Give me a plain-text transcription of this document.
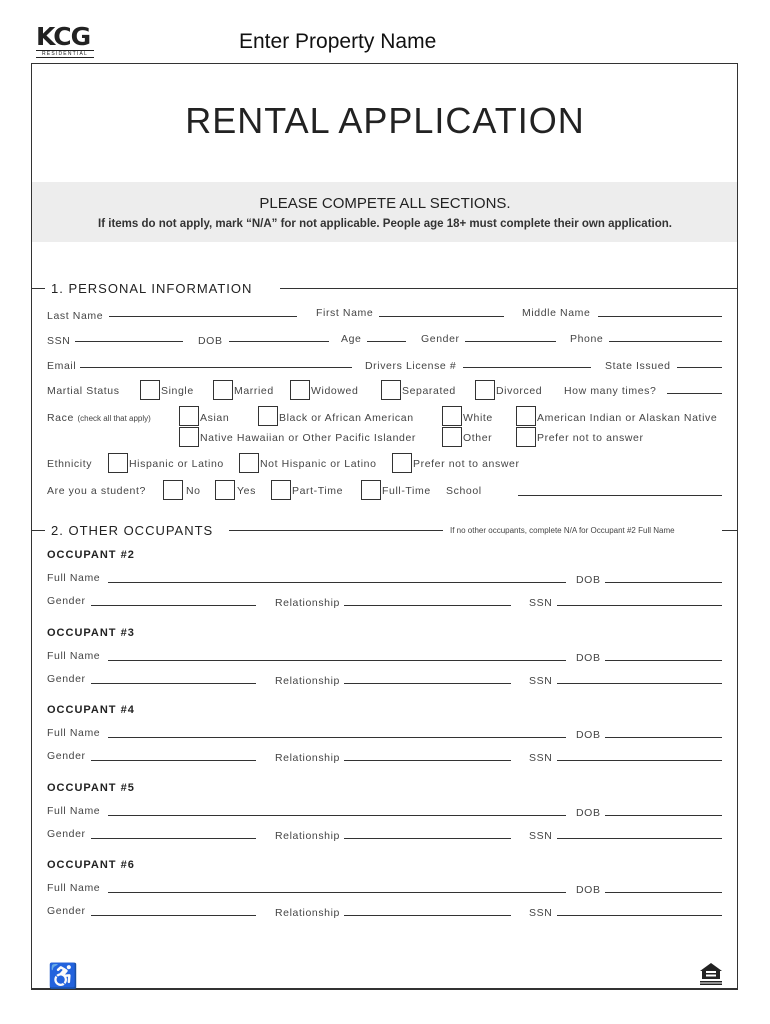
KCG
RESIDENTIAL
Enter Property Name
RENTAL APPLICATION
PLEASE COMPETE ALL SECTIONS.
If items do not apply, mark “N/A” for not applicable. People age 18+ must complete their own application.
1. PERSONAL INFORMATION
Last Name	First Name	Middle Name
SSN	DOB	Age	Gender	Phone
Email	Drivers License #	State Issued
Martial Status	Single	Married	Widowed	Separated	Divorced How many times?
Race (check all that apply)	Asian	Black or African American	White	American Indian or Alaskan Native
Native Hawaiian or Other Pacific Islander	Other	Prefer not to answer
Ethnicity	Hispanic or Latino	Not Hispanic or Latino	Prefer not to answer
Are you a student?	No	Yes	Part-Time	Full-Time School
2. OTHER OCCUPANTS	If no other occupants, complete N/A for Occupant #2 Full Name
OCCUPANT #2
Full Name	DOB
Gender	Relationship	SSN
OCCUPANT #3
Full Name	DOB
Gender	Relationship	SSN
OCCUPANT #4
Full Name	DOB
Gender	Relationship	SSN
OCCUPANT #5
Full Name	DOB
Gender	Relationship	SSN
OCCUPANT #6
Full Name	DOB
Gender	Relationship	SSN
♿
